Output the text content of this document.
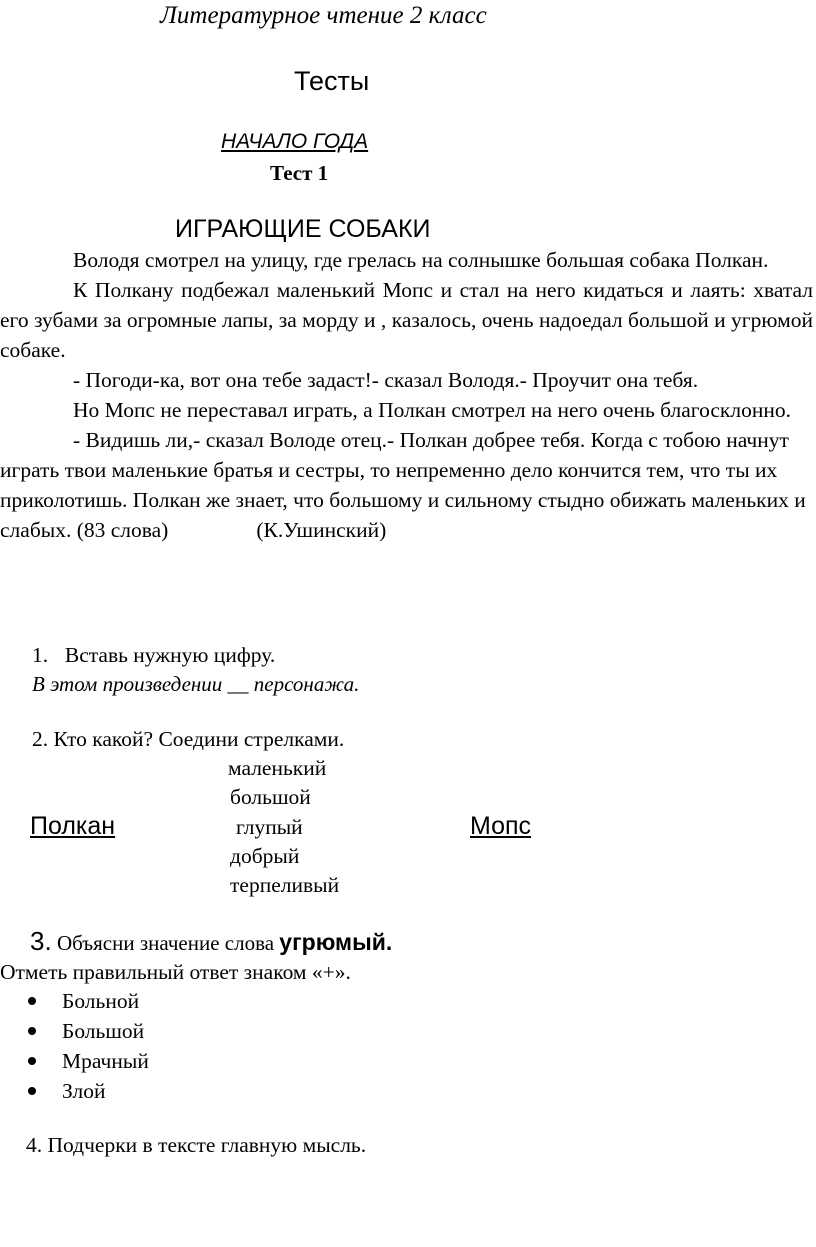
Литературное чтение 2 класс
Тесты
НАЧАЛО ГОДА
Тест 1
ИГРАЮЩИЕ СОБАКИ

Володя смотрел на улицу, где грелась на солнышке большая собака Полкан.

К Полкану подбежал маленький Мопс и стал на него кидаться и лаять: хватал его зубами за огромные лапы, за морду и , казалось, очень надоедал большой и угрюмой собаке.

- Погоди-ка, вот она тебе задаст!- сказал Володя.- Проучит она тебя.

Но Мопс не переставал играть, а Полкан смотрел на него очень благосклонно.

- Видишь ли,- сказал Володе отец.- Полкан добрее тебя. Когда с тобою начнут играть твои маленькие братья и сестры, то непременно дело кончится тем, что ты их приколотишь. Полкан же знает, что большому и сильному стыдно обижать маленьких и слабых. (83 слова)	(К.Ушинский)

1. Вставь нужную цифру.
В этом произведении __ персонажа.
2. Кто какой? Соедини стрелками.
маленький
большой
Полкан	глупый	Мопс
добрый
терпеливый
3. Объясни значение слова угрюмый.
Отметь правильный ответ знаком «+».
Больной
Большой
Мрачный
Злой
4. Подчерки в тексте главную мысль.
